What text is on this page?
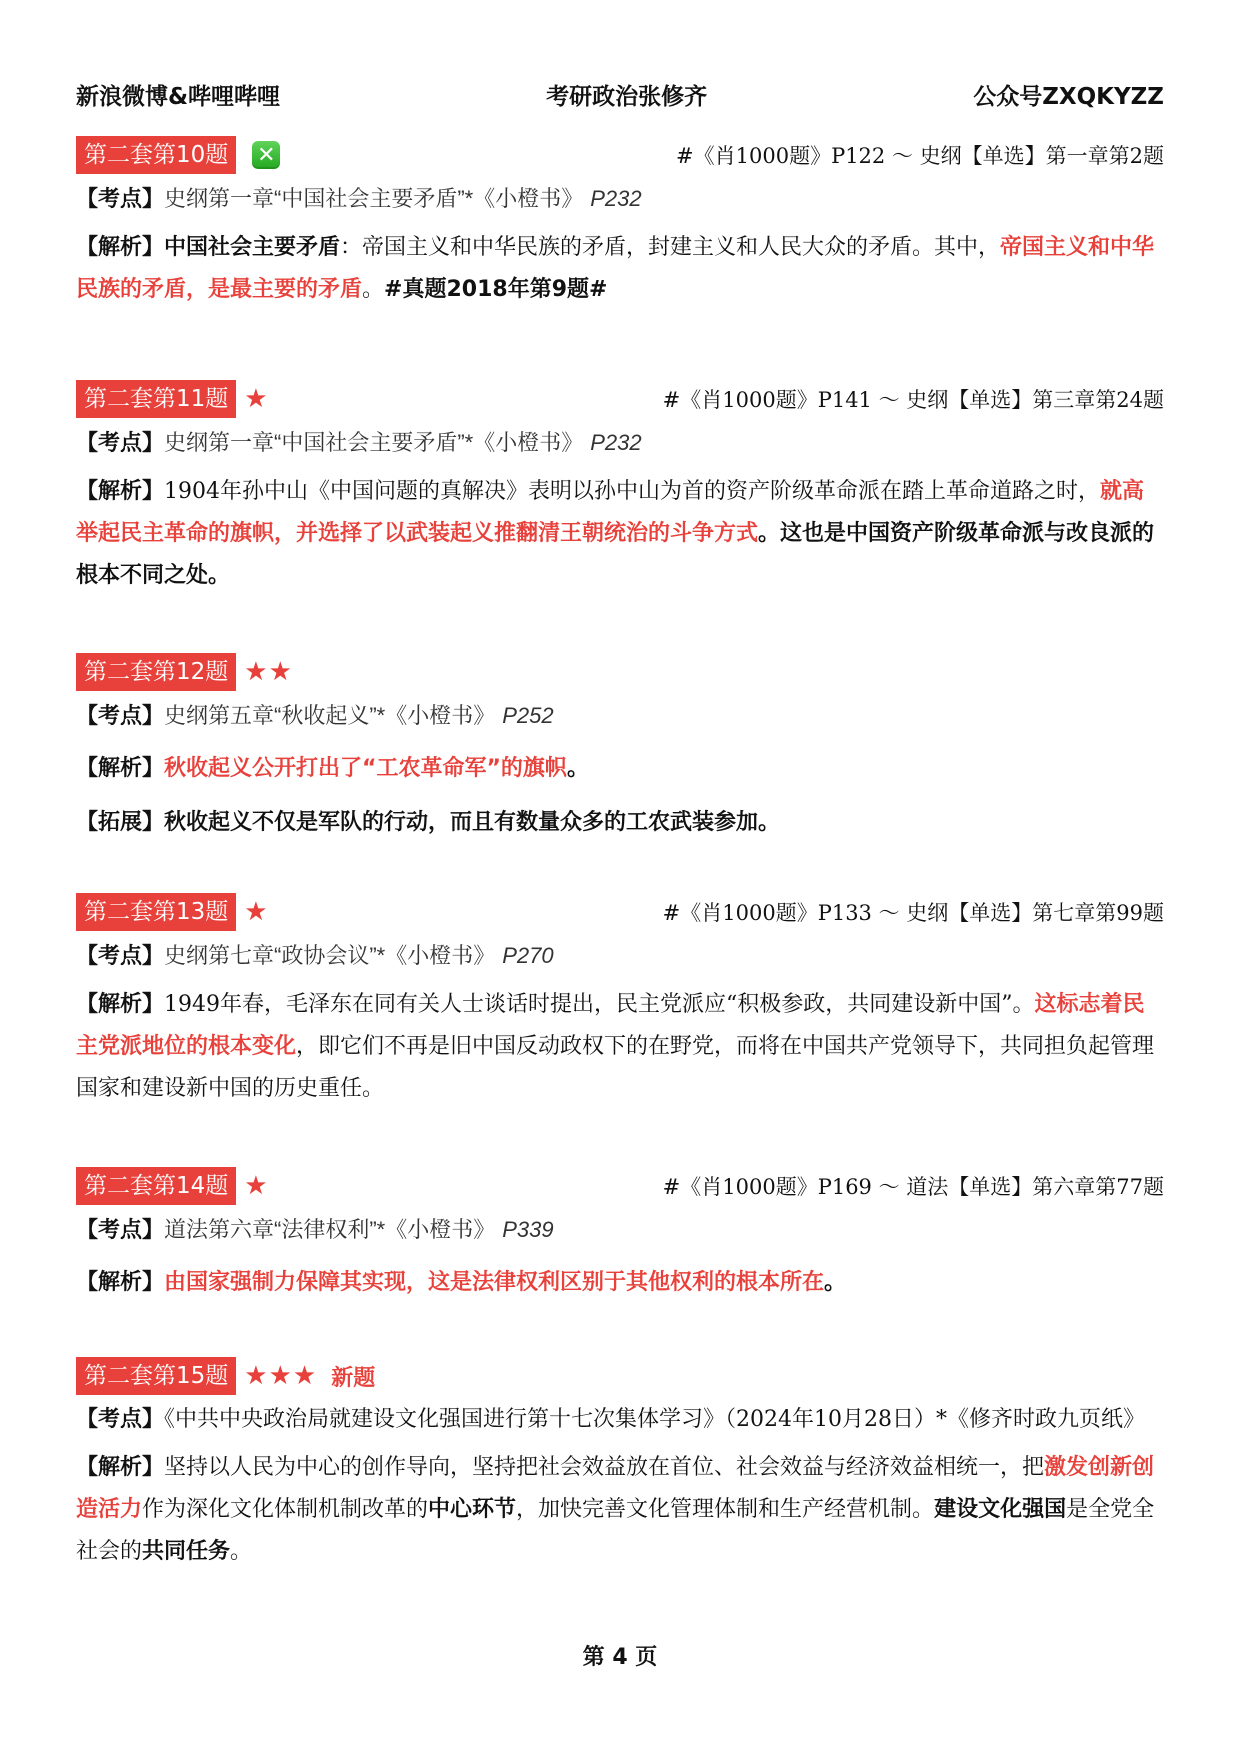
新浪微博&哔哩哔哩	考研政治张修齐	公众号ZXQKYZZ
第二套第10题	✕	#《肖1000题》P122 ～ 史纲【单选】第一章第2题
【考点】史纲第一章“中国社会主要矛盾”*《小橙书》 P232
【解析】中国社会主要矛盾：帝国主义和中华民族的矛盾，封建主义和人民大众的矛盾。其中，帝国主义和中华民族的矛盾，是最主要的矛盾。#真题2018年第9题#
第二套第11题 ★	#《肖1000题》P141 ～ 史纲【单选】第三章第24题
【考点】史纲第一章“中国社会主要矛盾”*《小橙书》 P232
【解析】1904年孙中山《中国问题的真解决》表明以孙中山为首的资产阶级革命派在踏上革命道路之时，就高举起民主革命的旗帜，并选择了以武装起义推翻清王朝统治的斗争方式。这也是中国资产阶级革命派与改良派的根本不同之处。
第二套第12题 ★★
【考点】史纲第五章“秋收起义”*《小橙书》 P252
【解析】秋收起义公开打出了“工农革命军”的旗帜。
【拓展】秋收起义不仅是军队的行动，而且有数量众多的工农武装参加。
第二套第13题 ★	#《肖1000题》P133 ～ 史纲【单选】第七章第99题
【考点】史纲第七章“政协会议”*《小橙书》 P270
【解析】1949年春，毛泽东在同有关人士谈话时提出，民主党派应“积极参政，共同建设新中国”。这标志着民主党派地位的根本变化，即它们不再是旧中国反动政权下的在野党，而将在中国共产党领导下，共同担负起管理国家和建设新中国的历史重任。
第二套第14题 ★	#《肖1000题》P169 ～ 道法【单选】第六章第77题
【考点】道法第六章“法律权利”*《小橙书》 P339
【解析】由国家强制力保障其实现，这是法律权利区别于其他权利的根本所在。
第二套第15题 ★★★ 新题
【考点】《中共中央政治局就建设文化强国进行第十七次集体学习》（2024年10月28日）*《修齐时政九页纸》
【解析】坚持以人民为中心的创作导向，坚持把社会效益放在首位、社会效益与经济效益相统一，把激发创新创造活力作为深化文化体制机制改革的中心环节，加快完善文化管理体制和生产经营机制。建设文化强国是全党全社会的共同任务。
第 4 页
